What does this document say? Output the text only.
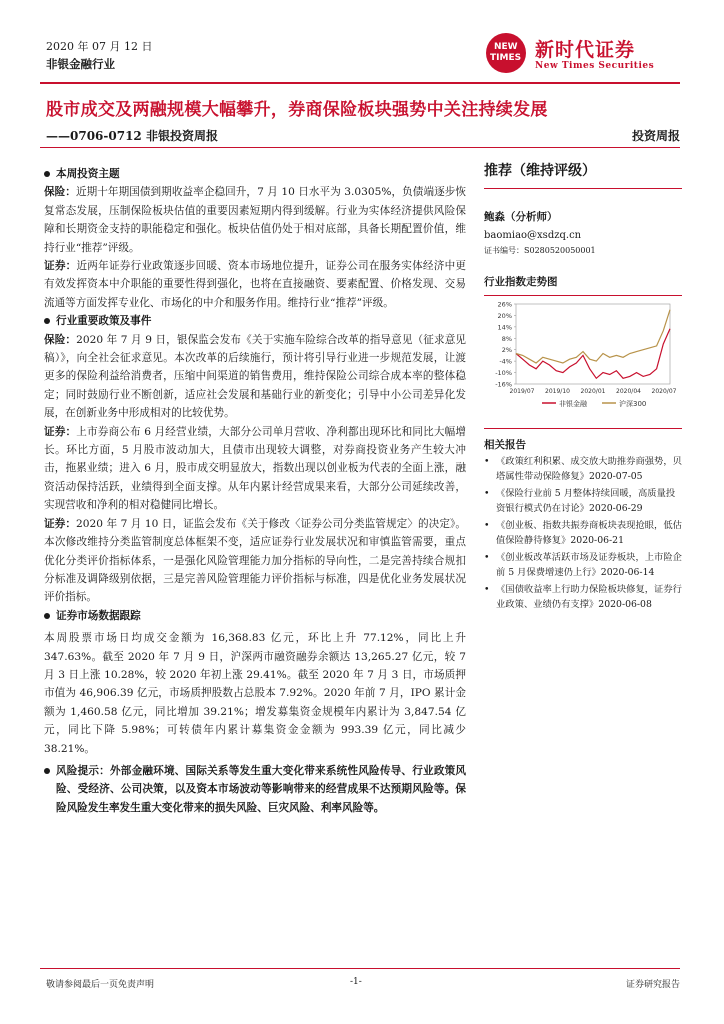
2020 年 07 月 12 日
非银金融行业
NEW
TIMES 新时代证券
New Times Securities
股市成交及两融规模大幅攀升，券商保险板块强势中关注持续发展
——0706-0712 非银投资周报	投资周报
本周投资主题

保险：近期十年期国债到期收益率企稳回升，7 月 10 日水平为 3.0305%，负债端逐步恢复常态发展，压制保险板块估值的重要因素短期内得到缓解。行业为实体经济提供风险保障和长期资金支持的职能稳定和强化。板块估值仍处于相对底部，具备长期配置价值，维持行业“推荐”评级。

证券：近两年证券行业政策逐步回暖、资本市场地位提升，证券公司在服务实体经济中更有效发挥资本中介职能的重要性得到强化，也将在直接融资、要素配置、价格发现、交易流通等方面发挥专业化、市场化的中介和服务作用。维持行业“推荐”评级。

行业重要政策及事件

保险：2020 年 7 月 9 日，银保监会发布《关于实施车险综合改革的指导意见（征求意见稿）》，向全社会征求意见。本次改革的后续施行，预计将引导行业进一步规范发展，让渡更多的保险利益给消费者，压缩中间渠道的销售费用，维持保险公司综合成本率的整体稳定；同时鼓励行业不断创新，适应社会发展和基础行业的新变化；引导中小公司差异化发展，在创新业务中形成相对的比较优势。

证券：上市券商公布 6 月经营业绩，大部分公司单月营收、净利都出现环比和同比大幅增长。环比方面，5 月股市波动加大，且债市出现较大调整，对券商投资业务产生较大冲击，拖累业绩；进入 6 月，股市成交明显放大，指数出现以创业板为代表的全面上涨，融资活动保持活跃，业绩得到全面支撑。从年内累计经营成果来看，大部分公司延续改善，实现营收和净利的相对稳健同比增长。

证券：2020 年 7 月 10 日，证监会发布《关于修改〈证券公司分类监管规定〉的决定》。本次修改维持分类监管制度总体框架不变，适应证券行业发展状况和审慎监管需要，重点优化分类评价指标体系，一是强化风险管理能力加分指标的导向性，二是完善持续合规扣分标准及调降级别依据，三是完善风险管理能力评价指标与标准，四是优化业务发展状况评价指标。

证券市场数据跟踪

本周股票市场日均成交金额为 16,368.83 亿元，环比上升 77.12%，同比上升 347.63%。截至 2020 年 7 月 9 日，沪深两市融资融券余额达 13,265.27 亿元，较 7 月 3 日上涨 10.28%，较 2020 年初上涨 29.41%。截至 2020 年 7 月 3 日，市场质押市值为 46,906.39 亿元，市场质押股数占总股本 7.92%。2020 年前 7 月，IPO 累计金额为 1,460.58 亿元，同比增加 39.21%；增发募集资金规模年内累计为 3,847.54 亿元，同比下降 5.98%；可转债年内累计募集资金金额为 993.39 亿元，同比减少 38.21%。

风险提示：外部金融环境、国际关系等发生重大变化带来系统性风险传导、行业政策风险、受经济、公司决策，以及资本市场波动等影响带来的经营成果不达预期风险等。保险风险发生率发生重大变化带来的损失风险、巨灾风险、利率风险等。

推荐（维持评级）
鲍淼（分析师）
baomiao@xsdzq.cn
证书编号：S0280520050001
行业指数走势图
26%
20%
14%
8%
2%
-4%
-10%
-16%
2019/07 2019/10 2020/01 2020/04 2020/07
非银金融	沪深300
相关报告
• 《政策红利积累、成交放大助推券商强势，贝塔属性带动保险修复》2020-07-05
• 《保险行业前 5 月整体持续回暖，高质量投资银行模式仍在讨论》2020-06-29
• 《创业板、指数共振券商板块表现抢眼，低估值保险静待修复》2020-06-21
• 《创业板改革活跃市场及证券板块，上市险企前 5 月保费增速仍上行》2020-06-14
• 《国债收益率上行助力保险板块修复，证券行业政策、业绩仍有支撑》2020-06-08
敬请参阅最后一页免责声明	-1-	证券研究报告
